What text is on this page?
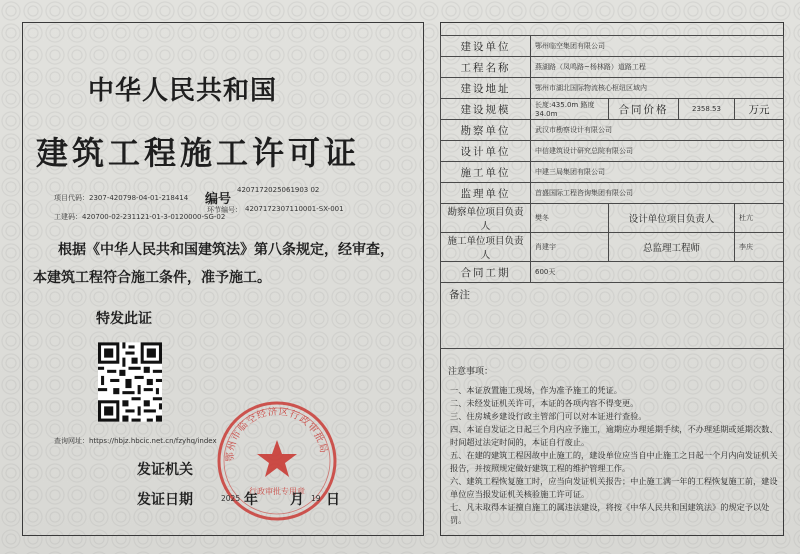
中华人民共和国
建筑工程施工许可证
项目代码：2307-420798-04-01-218414
工建码：420700-02-231121-01-3-0120000-SG-02
编号
4207172025061903 02
环节编号： 4207172307110001-SX-001
根据《中华人民共和国建筑法》第八条规定，经审查，
本建筑工程符合施工条件，准予施工。
特发此证
查询网址：https://hbjz.hbcic.net.cn/fzyhq/index
发证机关
发证日期
鄂州市临空经济区行政审批局
行政审批专用章
2025 年 月 19 日
建设单位	鄂州临空集团有限公司			
工程名称	燕湖路（凤鸣路~杨林路）道路工程			
建设地址	鄂州市湖北国际物流核心枢纽区域内			
建设规模	长度:435.0m 路度34.0m	合同价格	2358.53	万元
勘察单位	武汉市勘察设计有限公司			
设计单位	中信建筑设计研究总院有限公司			
施工单位	中建三局集团有限公司			
监理单位	首盛国际工程咨询集团有限公司			
勘察单位项目负责人	樊冬	设计单位项目负责人		杜亢
施工单位项目负责人	肖建宇	总监理工程师		李庆
合同工期	600天			
备注				
注意事项：

一、本证放置施工现场，作为准予施工的凭证。

二、未经发证机关许可，本证的各项内容不得变更。

三、住房城乡建设行政主管部门可以对本证进行查验。

四、本证自发证之日起三个月内应予施工，逾期应办理延期手续，不办理延期或延期次数、时间超过法定时间的，本证自行废止。

五、在建的建筑工程因故中止施工的，建设单位应当自中止施工之日起一个月内向发证机关报告，并按照规定做好建筑工程的维护管理工作。

六、建筑工程恢复施工时，应当向发证机关报告；中止施工满一年的工程恢复施工前，建设单位应当报发证机关核验施工许可证。

七、凡未取得本证擅自施工的属违法建设，将按《中华人民共和国建筑法》的规定予以处罚。
